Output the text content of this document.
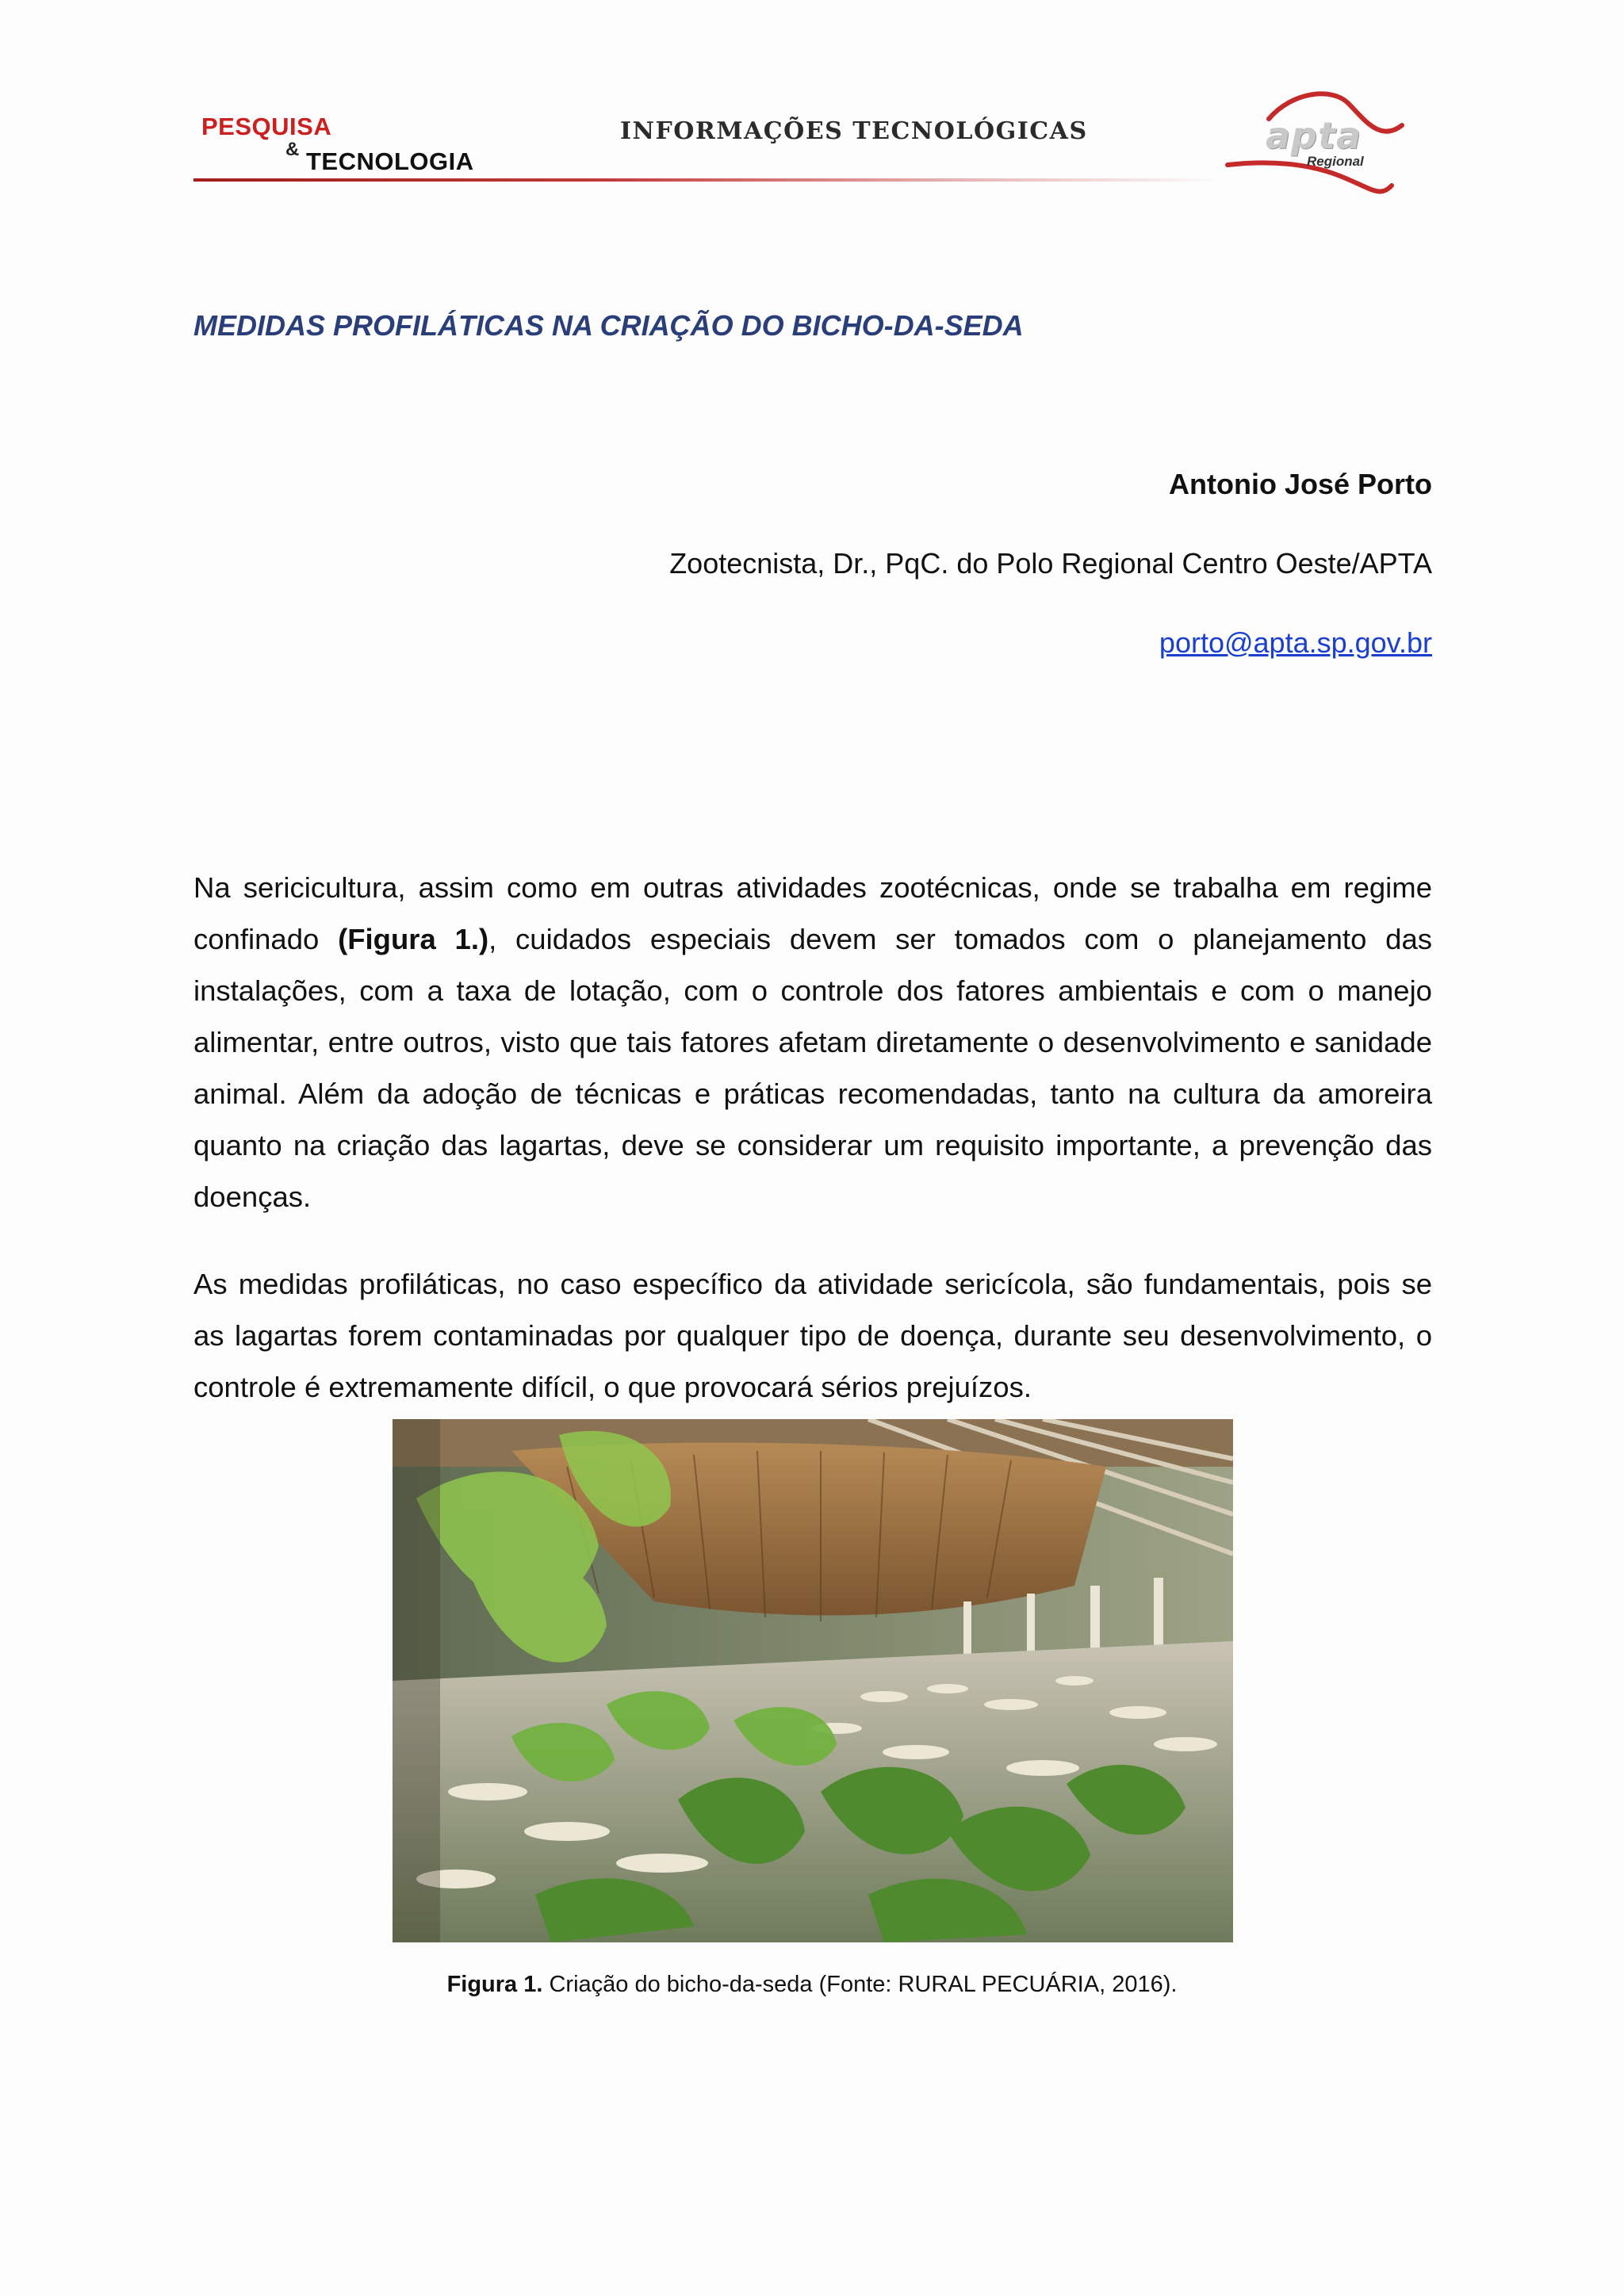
PESQUISA
& TECNOLOGIA
INFORMAÇÕES TECNOLÓGICAS	apta
Regional
MEDIDAS PROFILÁTICAS NA CRIAÇÃO DO BICHO-DA-SEDA
Antonio José Porto
Zootecnista, Dr., PqC. do Polo Regional Centro Oeste/APTA
porto@apta.sp.gov.br
Na sericicultura, assim como em outras atividades zootécnicas, onde se trabalha em regime confinado (Figura 1.), cuidados especiais devem ser tomados com o planejamento das instalações, com a taxa de lotação, com o controle dos fatores ambientais e com o manejo alimentar, entre outros, visto que tais fatores afetam diretamente o desenvolvimento e sanidade animal. Além da adoção de técnicas e práticas recomendadas, tanto na cultura da amoreira quanto na criação das lagartas, deve se considerar um requisito importante, a prevenção das doenças.
As medidas profiláticas, no caso específico da atividade sericícola, são fundamentais, pois se as lagartas forem contaminadas por qualquer tipo de doença, durante seu desenvolvimento, o controle é extremamente difícil, o que provocará sérios prejuízos.
Figura 1. Criação do bicho-da-seda (Fonte: RURAL PECUÁRIA, 2016).
